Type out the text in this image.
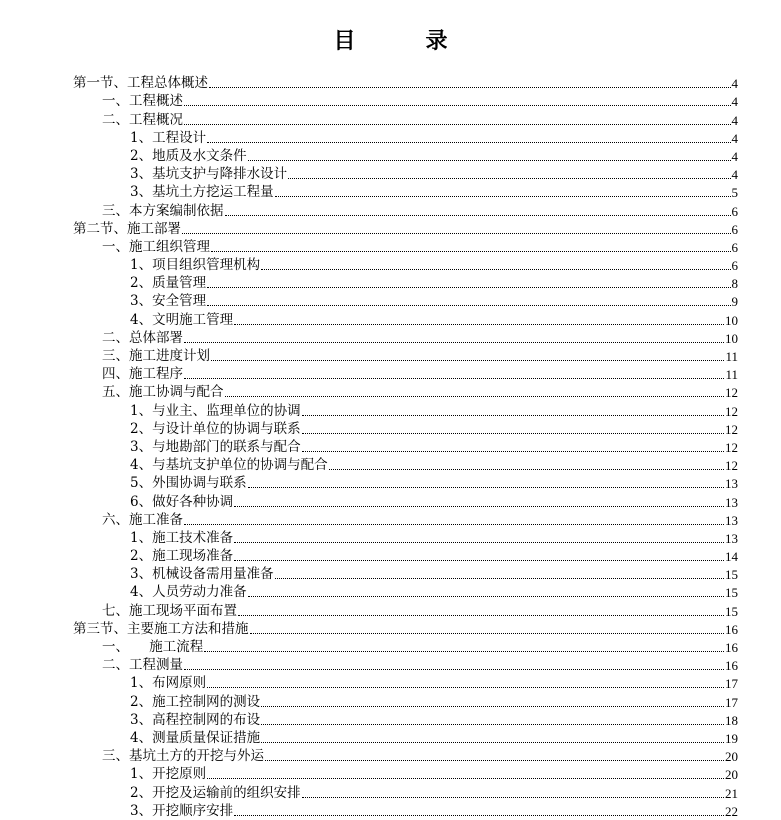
目　录
第一节、工程总体概述	4
一、工程概述	4
二、工程概况	4
1、工程设计	4
2、地质及水文条件	4
3、基坑支护与降排水设计	4
3、基坑土方挖运工程量	5
三、本方案编制依据	6
第二节、施工部署	6
一、施工组织管理	6
1、项目组织管理机构	6
2、质量管理	8
3、安全管理	9
4、文明施工管理	10
二、总体部署	10
三、施工进度计划	11
四、施工程序	11
五、施工协调与配合	12
1、与业主、监理单位的协调	12
2、与设计单位的协调与联系	12
3、与地勘部门的联系与配合	12
4、与基坑支护单位的协调与配合	12
5、外围协调与联系	13
6、做好各种协调	13
六、施工准备	13
1、施工技术准备	13
2、施工现场准备	14
3、机械设备需用量准备	15
4、人员劳动力准备	15
七、施工现场平面布置	15
第三节、主要施工方法和措施	16
一、　　施工流程	16
二、工程测量	16
1、布网原则	17
2、施工控制网的测设	17
3、高程控制网的布设	18
4、测量质量保证措施	19
三、基坑土方的开挖与外运	20
1、开挖原则	20
2、开挖及运输前的组织安排	21
3、开挖顺序安排	22
